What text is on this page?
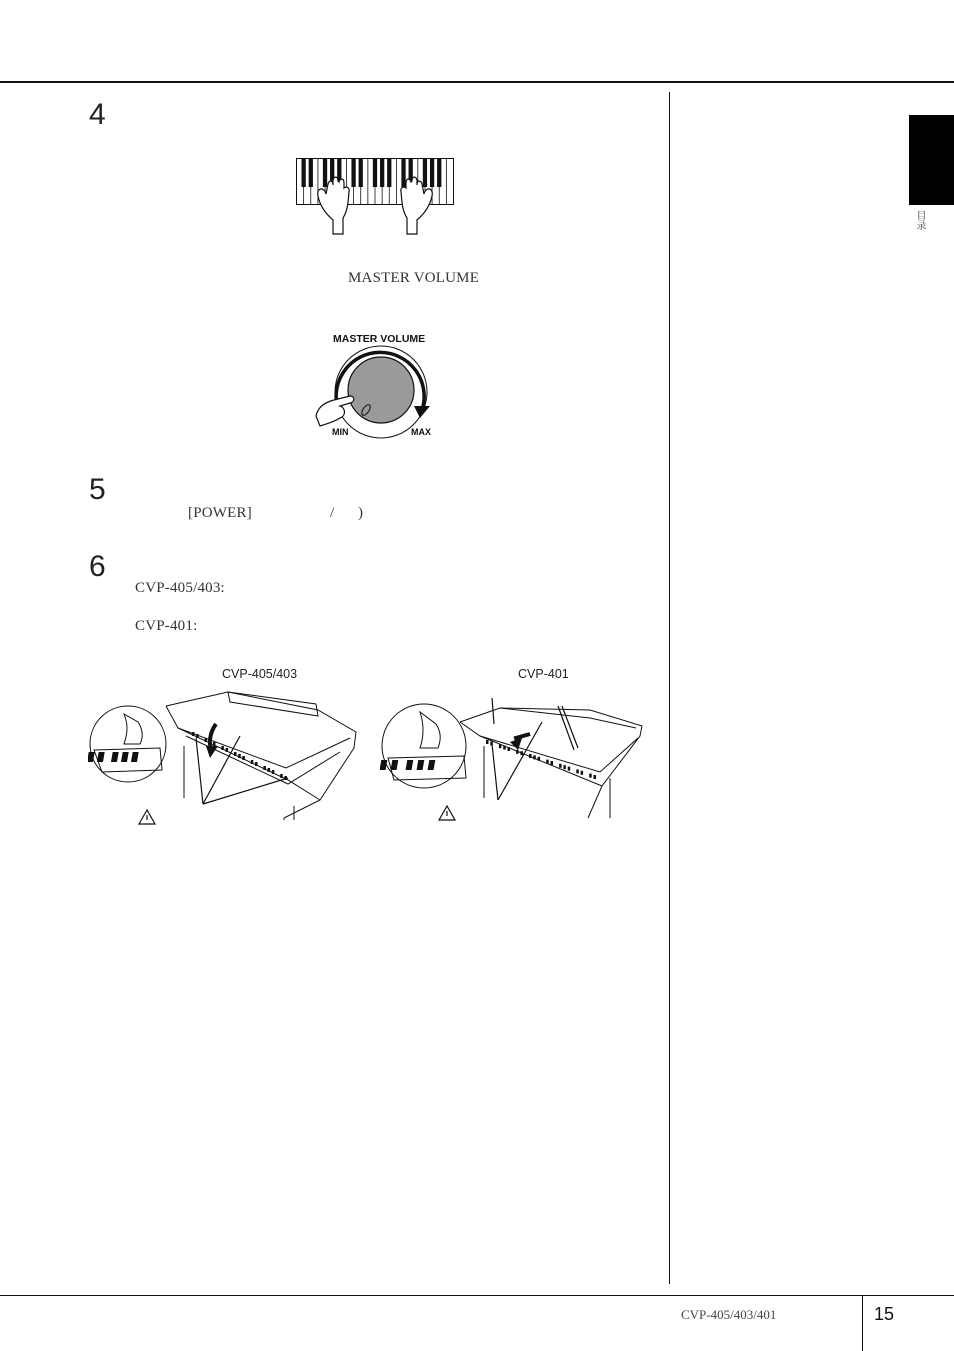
目录
4
MASTER VOLUME
MASTER VOLUME
MIN	MAX
5
[POWER]	/ )
6
CVP-405/403:
CVP-401:
CVP-405/403	CVP-401
CVP-405/403/401	15
